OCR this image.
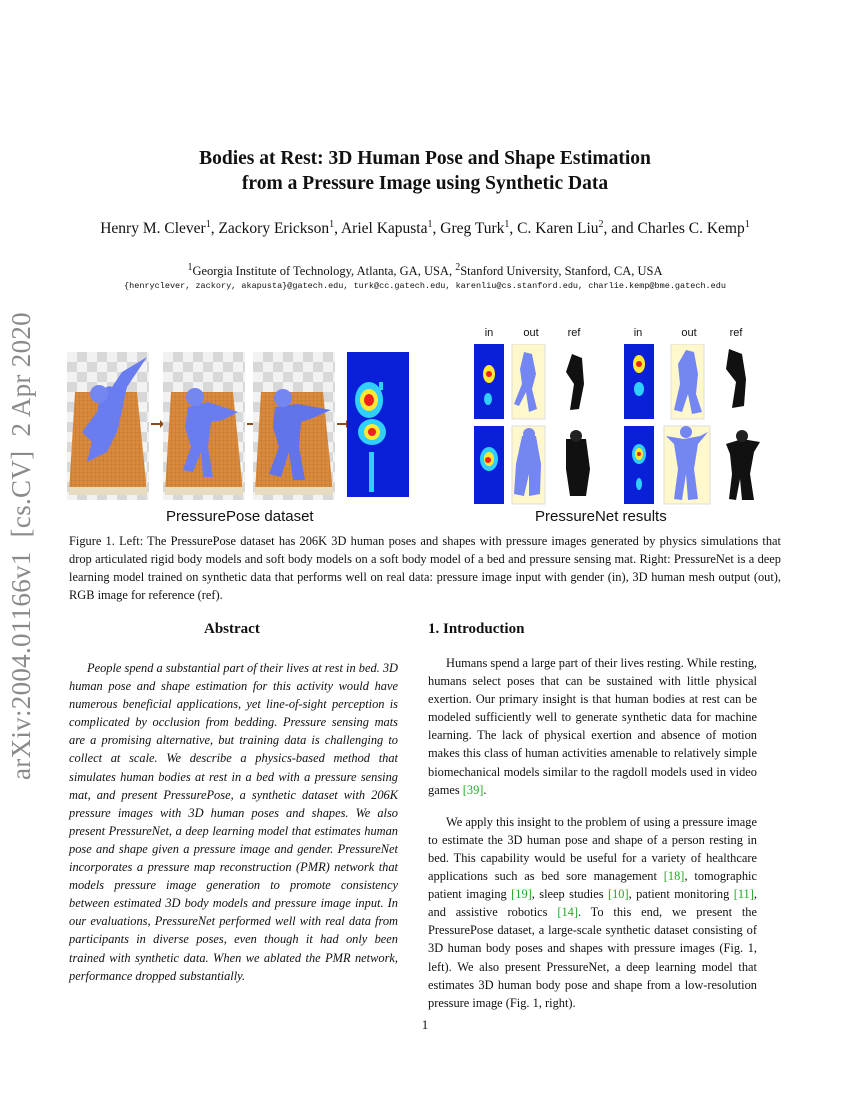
arXiv:2004.01166v1[cs.CV]2 Apr 2020
Bodies at Rest: 3D Human Pose and Shape Estimation
from a Pressure Image using Synthetic Data
Henry M. Clever$^1$, Zackory Erickson$^1$, Ariel Kapusta$^1$, Greg Turk$^1$, C. Karen Liu$^2$, and Charles C. Kemp$^1$
$^1$Georgia Institute of Technology, Atlanta, GA, USA, $^2$Stanford University, Stanford, CA, USA
{henryclever, zackory, akapusta}@gatech.edu, turk@cc.gatech.edu, karenliu@cs.stanford.edu, charlie.kemp@bme.gatech.edu
PressurePose dataset
in	out	ref	in	out	ref
PressureNet results
Figure 1. Left: The PressurePose dataset has 206K 3D human poses and shapes with pressure images generated by physics simulations that drop articulated rigid body models and soft body models on a soft body model of a bed and pressure sensing mat. Right: PressureNet is a deep learning model trained on synthetic data that performs well on real data: pressure image input with gender (in), 3D human mesh output (out), RGB image for reference (ref).
Abstract
People spend a substantial part of their lives at rest in bed. 3D human pose and shape estimation for this activity would have numerous beneficial applications, yet line-of-sight perception is complicated by occlusion from bedding. Pressure sensing mats are a promising alternative, but training data is challenging to collect at scale. We describe a physics-based method that simulates human bodies at rest in a bed with a pressure sensing mat, and present PressurePose, a synthetic dataset with 206K pressure images with 3D human poses and shapes. We also present PressureNet, a deep learning model that estimates human pose and shape given a pressure image and gender. PressureNet incorporates a pressure map reconstruction (PMR) network that models pressure image generation to promote consistency between estimated 3D body models and pressure image input. In our evaluations, PressureNet performed well with real data from participants in diverse poses, even though it had only been trained with synthetic data. When we ablated the PMR network, performance dropped substantially.
1. Introduction

Humans spend a large part of their lives resting. While resting, humans select poses that can be sustained with little physical exertion. Our primary insight is that human bodies at rest can be modeled sufficiently well to generate synthetic data for machine learning. The lack of physical exertion and absence of motion makes this class of human activities amenable to relatively simple biomechanical models similar to the ragdoll models used in video games [39].

We apply this insight to the problem of using a pressure image to estimate the 3D human pose and shape of a person resting in bed. This capability would be useful for a variety of healthcare applications such as bed sore management [18], tomographic patient imaging [19], sleep studies [10], patient monitoring [11], and assistive robotics [14]. To this end, we present the PressurePose dataset, a large-scale synthetic dataset consisting of 3D human body poses and shapes with pressure images (Fig. 1, left). We also present PressureNet, a deep learning model that estimates 3D human body pose and shape from a low-resolution pressure image (Fig. 1, right).

1
